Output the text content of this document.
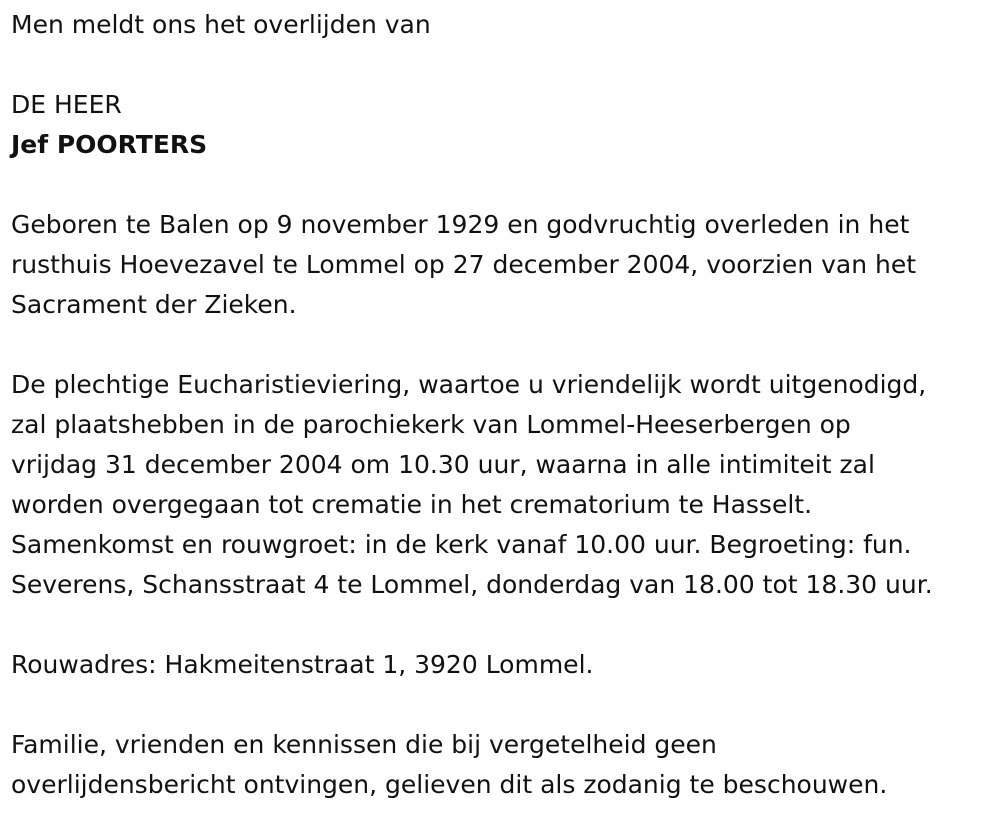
Men meldt ons het overlijden van

DE HEER

Jef POORTERS

Geboren te Balen op 9 november 1929 en godvruchtig overleden in het

rusthuis Hoevezavel te Lommel op 27 december 2004, voorzien van het

Sacrament der Zieken.

De plechtige Eucharistieviering, waartoe u vriendelijk wordt uitgenodigd,

zal plaatshebben in de parochiekerk van Lommel-Heeserbergen op

vrijdag 31 december 2004 om 10.30 uur, waarna in alle intimiteit zal

worden overgegaan tot crematie in het crematorium te Hasselt.

Samenkomst en rouwgroet: in de kerk vanaf 10.00 uur. Begroeting: fun.

Severens, Schansstraat 4 te Lommel, donderdag van 18.00 tot 18.30 uur.

Rouwadres: Hakmeitenstraat 1, 3920 Lommel.

Familie, vrienden en kennissen die bij vergetelheid geen

overlijdensbericht ontvingen, gelieven dit als zodanig te beschouwen.
